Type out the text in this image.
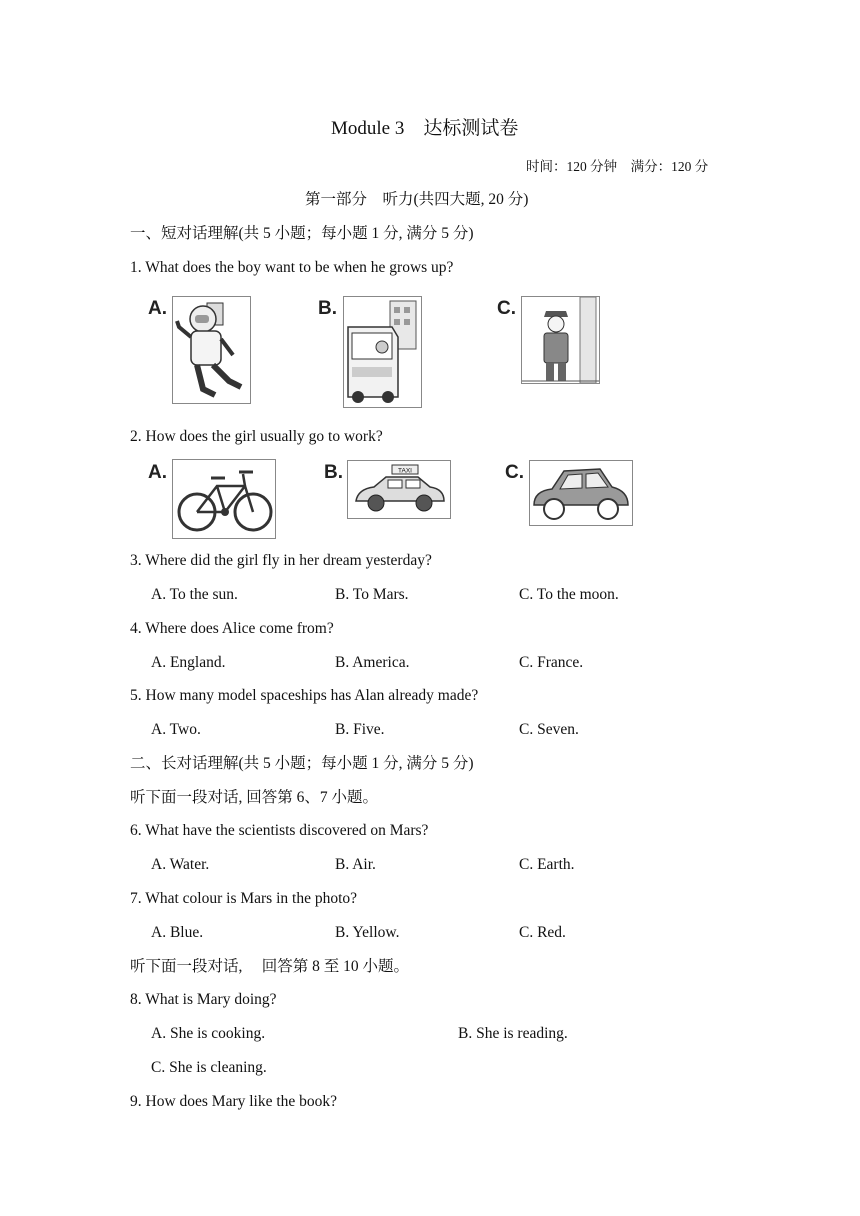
Module 3　达标测试卷
时间：120 分钟　满分：120 分
第一部分　听力(共四大题, 20 分)
一、短对话理解(共 5 小题；每小题 1 分, 满分 5 分)
1. What does the boy want to be when he grows up?
A.	B.	C.
2. How does the girl usually go to work?
A.	B.	TAXI	C.
3. Where did the girl fly in her dream yesterday?
A. To the sun.	B. To Mars.	C. To the moon.
4. Where does Alice come from?
A. England.	B. America.	C. France.
5. How many model spaceships has Alan already made?
A. Two.	B. Five.	C. Seven.
二、长对话理解(共 5 小题；每小题 1 分, 满分 5 分)
听下面一段对话, 回答第 6、7 小题。
6. What have the scientists discovered on Mars?
A. Water.	B. Air.	C. Earth.
7. What colour is Mars in the photo?
A. Blue.	B. Yellow.	C. Red.
听下面一段对话,　 回答第 8 至 10 小题。
8. What is Mary doing?
A. She is cooking.	B. She is reading.
C. She is cleaning.
9. How does Mary like the book?
